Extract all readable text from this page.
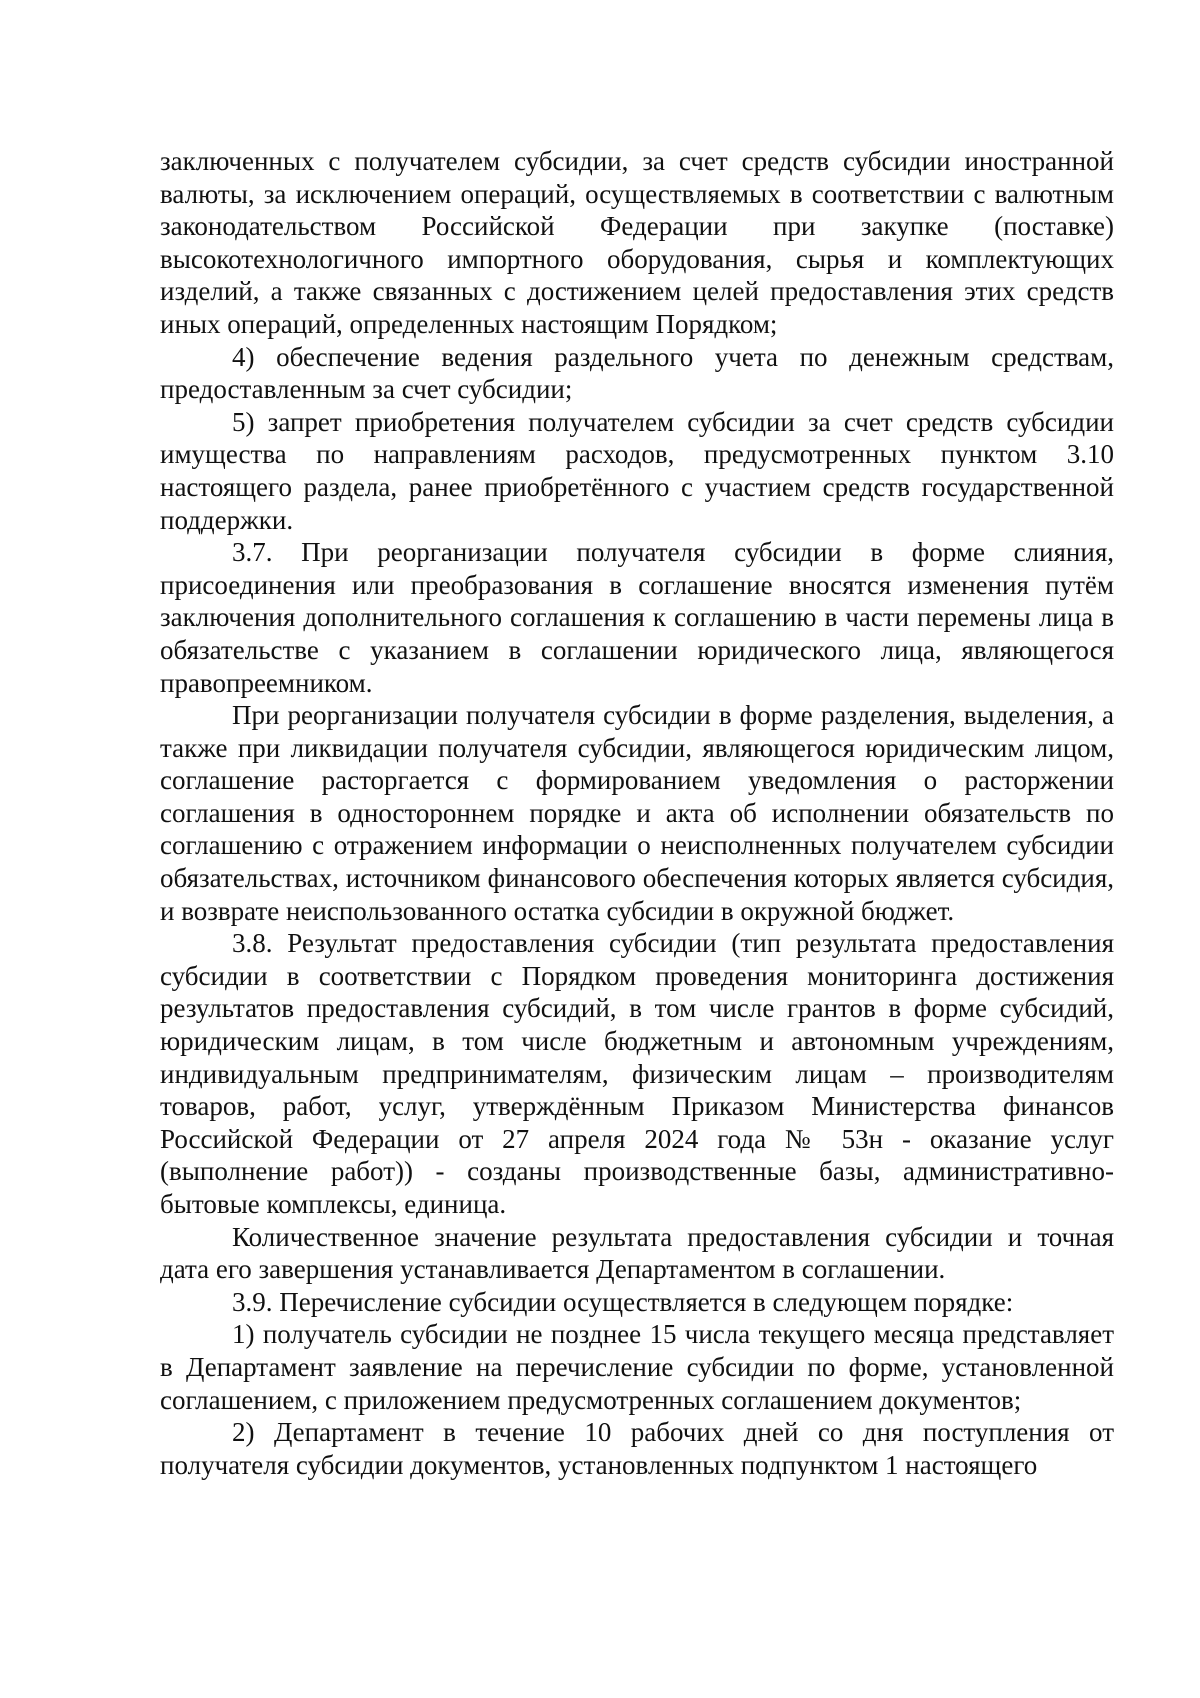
заключенных с получателем субсидии, за счет средств субсидии иностранной валюты, за исключением операций, осуществляемых в соответствии с валютным законодательством Российской Федерации при закупке (поставке) высокотехнологичного импортного оборудования, сырья и комплектующих изделий, а также связанных с достижением целей предоставления этих средств иных операций, определенных настоящим Порядком;

4) обеспечение ведения раздельного учета по денежным средствам, предоставленным за счет субсидии;

5) запрет приобретения получателем субсидии за счет средств субсидии имущества по направлениям расходов, предусмотренных пунктом 3.10 настоящего раздела, ранее приобретённого с участием средств государственной поддержки.

3.7. При реорганизации получателя субсидии в форме слияния, присоединения или преобразования в соглашение вносятся изменения путём заключения дополнительного соглашения к соглашению в части перемены лица в обязательстве с указанием в соглашении юридического лица, являющегося правопреемником.

При реорганизации получателя субсидии в форме разделения, выделения, а также при ликвидации получателя субсидии, являющегося юридическим лицом, соглашение расторгается с формированием уведомления о расторжении соглашения в одностороннем порядке и акта об исполнении обязательств по соглашению с отражением информации о неисполненных получателем субсидии обязательствах, источником финансового обеспечения которых является субсидия, и возврате неиспользованного остатка субсидии в окружной бюджет.

3.8. Результат предоставления субсидии (тип результата предоставления субсидии в соответствии с Порядком проведения мониторинга достижения результатов предоставления субсидий, в том числе грантов в форме субсидий, юридическим лицам, в том числе бюджетным и автономным учреждениям, индивидуальным предпринимателям, физическим лицам – производителям товаров, работ, услуг, утверждённым Приказом Министерства финансов Российской Федерации от 27 апреля 2024 года № 53н - оказание услуг (выполнение работ)) - созданы производственные базы, административно-бытовые комплексы, единица.

Количественное значение результата предоставления субсидии и точная дата его завершения устанавливается Департаментом в соглашении.

3.9. Перечисление субсидии осуществляется в следующем порядке:

1) получатель субсидии не позднее 15 числа текущего месяца представляет в Департамент заявление на перечисление субсидии по форме, установленной соглашением, с приложением предусмотренных соглашением документов;

2) Департамент в течение 10 рабочих дней со дня поступления от получателя субсидии документов, установленных подпунктом 1 настоящего
